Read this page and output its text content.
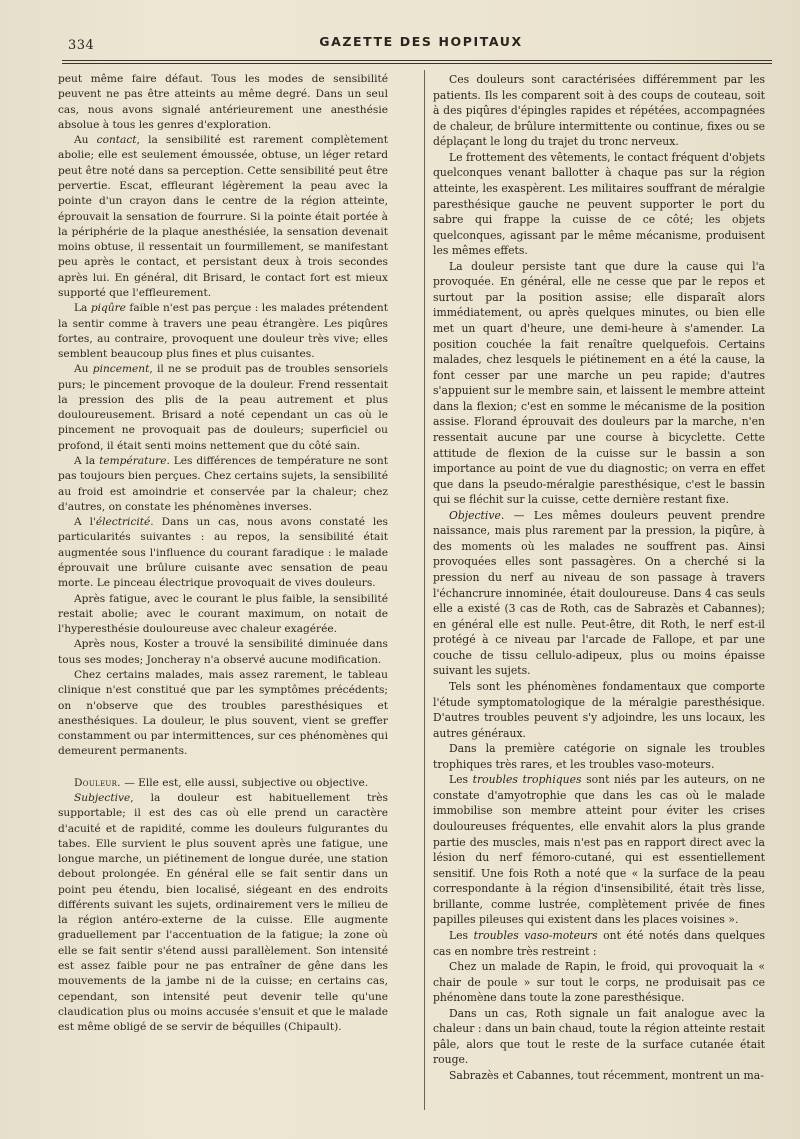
334	GAZETTE DES HOPITAUX

peut même faire défaut. Tous les modes de sensibilité peuvent ne pas être atteints au même degré. Dans un seul cas, nous avons signalé antérieurement une anesthésie absolue à tous les genres d'exploration.

Au contact, la sensibilité est rarement complètement abolie; elle est seulement émoussée, obtuse, un léger retard peut être noté dans sa perception. Cette sensibilité peut être pervertie. Escat, effleurant légèrement la peau avec la pointe d'un crayon dans le centre de la région atteinte, éprouvait la sensation de fourrure. Si la pointe était portée à la périphérie de la plaque anesthésiée, la sensation devenait moins obtuse, il ressentait un fourmillement, se manifestant peu après le contact, et persistant deux à trois secondes après lui. En général, dit Brisard, le contact fort est mieux supporté que l'effleurement.

La piqûre faible n'est pas perçue : les malades prétendent la sentir comme à travers une peau étrangère. Les piqûres fortes, au contraire, provoquent une douleur très vive; elles semblent beaucoup plus fines et plus cuisantes.

Au pincement, il ne se produit pas de troubles sensoriels purs; le pincement provoque de la douleur. Frend ressentait la pression des plis de la peau autrement et plus douloureusement. Brisard a noté cependant un cas où le pincement ne provoquait pas de douleurs; superficiel ou profond, il était senti moins nettement que du côté sain.

A la température. Les différences de température ne sont pas toujours bien perçues. Chez certains sujets, la sensibilité au froid est amoindrie et conservée par la chaleur; chez d'autres, on constate les phénomènes inverses.

A l'électricité. Dans un cas, nous avons constaté les particularités suivantes : au repos, la sensibilité était augmentée sous l'influence du courant faradique : le malade éprouvait une brûlure cuisante avec sensation de peau morte. Le pinceau électrique provoquait de vives douleurs.

Après fatigue, avec le courant le plus faible, la sensibilité restait abolie; avec le courant maximum, on notait de l'hyperesthésie douloureuse avec chaleur exagérée.

Après nous, Koster a trouvé la sensibilité diminuée dans tous ses modes; Joncheray n'a observé aucune modification.

Chez certains malades, mais assez rarement, le tableau clinique n'est constitué que par les symptômes précédents; on n'observe que des troubles paresthésiques et anesthésiques. La douleur, le plus souvent, vient se greffer constamment ou par intermittences, sur ces phénomènes qui demeurent permanents.

Douleur. — Elle est, elle aussi, subjective ou objective.

Subjective, la douleur est habituellement très supportable; il est des cas où elle prend un caractère d'acuité et de rapidité, comme les douleurs fulgurantes du tabes. Elle survient le plus souvent après une fatigue, une longue marche, un piétinement de longue durée, une station debout prolongée. En général elle se fait sentir dans un point peu étendu, bien localisé, siégeant en des endroits différents suivant les sujets, ordinairement vers le milieu de la région antéro-externe de la cuisse. Elle augmente graduellement par l'accentuation de la fatigue; la zone où elle se fait sentir s'étend aussi parallèlement. Son intensité est assez faible pour ne pas entraîner de gêne dans les mouvements de la jambe ni de la cuisse; en certains cas, cependant, son intensité peut devenir telle qu'une claudication plus ou moins accusée s'ensuit et que le malade est même obligé de se servir de béquilles (Chipault).

Ces douleurs sont caractérisées différemment par les patients. Ils les comparent soit à des coups de couteau, soit à des piqûres d'épingles rapides et répétées, accompagnées de chaleur, de brûlure intermittente ou continue, fixes ou se déplaçant le long du trajet du tronc nerveux.

Le frottement des vêtements, le contact fréquent d'objets quelconques venant ballotter à chaque pas sur la région atteinte, les exaspèrent. Les militaires souffrant de méralgie paresthésique gauche ne peuvent supporter le port du sabre qui frappe la cuisse de ce côté; les objets quelconques, agissant par le même mécanisme, produisent les mêmes effets.

La douleur persiste tant que dure la cause qui l'a provoquée. En général, elle ne cesse que par le repos et surtout par la position assise; elle disparaît alors immédiatement, ou après quelques minutes, ou bien elle met un quart d'heure, une demi-heure à s'amender. La position couchée la fait renaître quelquefois. Certains malades, chez lesquels le piétinement en a été la cause, la font cesser par une marche un peu rapide; d'autres s'appuient sur le membre sain, et laissent le membre atteint dans la flexion; c'est en somme le mécanisme de la position assise. Florand éprouvait des douleurs par la marche, n'en ressentait aucune par une course à bicyclette. Cette attitude de flexion de la cuisse sur le bassin a son importance au point de vue du diagnostic; on verra en effet que dans la pseudo-méralgie paresthésique, c'est le bassin qui se fléchit sur la cuisse, cette dernière restant fixe.

Objective. — Les mêmes douleurs peuvent prendre naissance, mais plus rarement par la pression, la piqûre, à des moments où les malades ne souffrent pas. Ainsi provoquées elles sont passagères. On a cherché si la pression du nerf au niveau de son passage à travers l'échancrure innominée, était douloureuse. Dans 4 cas seuls elle a existé (3 cas de Roth, cas de Sabrazès et Cabannes); en général elle est nulle. Peut-être, dit Roth, le nerf est-il protégé à ce niveau par l'arcade de Fallope, et par une couche de tissu cellulo-adipeux, plus ou moins épaisse suivant les sujets.

Tels sont les phénomènes fondamentaux que comporte l'étude symptomatologique de la méralgie paresthésique. D'autres troubles peuvent s'y adjoindre, les uns locaux, les autres généraux.

Dans la première catégorie on signale les troubles trophiques très rares, et les troubles vaso-moteurs.

Les troubles trophiques sont niés par les auteurs, on ne constate d'amyotrophie que dans les cas où le malade immobilise son membre atteint pour éviter les crises douloureuses fréquentes, elle envahit alors la plus grande partie des muscles, mais n'est pas en rapport direct avec la lésion du nerf fémoro-cutané, qui est essentiellement sensitif. Une fois Roth a noté que « la surface de la peau correspondante à la région d'insensibilité, était très lisse, brillante, comme lustrée, complètement privée de fines papilles pileuses qui existent dans les places voisines ».

Les troubles vaso-moteurs ont été notés dans quelques cas en nombre très restreint :

Chez un malade de Rapin, le froid, qui provoquait la « chair de poule » sur tout le corps, ne produisait pas ce phénomène dans toute la zone paresthésique.

Dans un cas, Roth signale un fait analogue avec la chaleur : dans un bain chaud, toute la région atteinte restait pâle, alors que tout le reste de la surface cutanée était rouge.

Sabrazès et Cabannes, tout récemment, montrent un ma-
